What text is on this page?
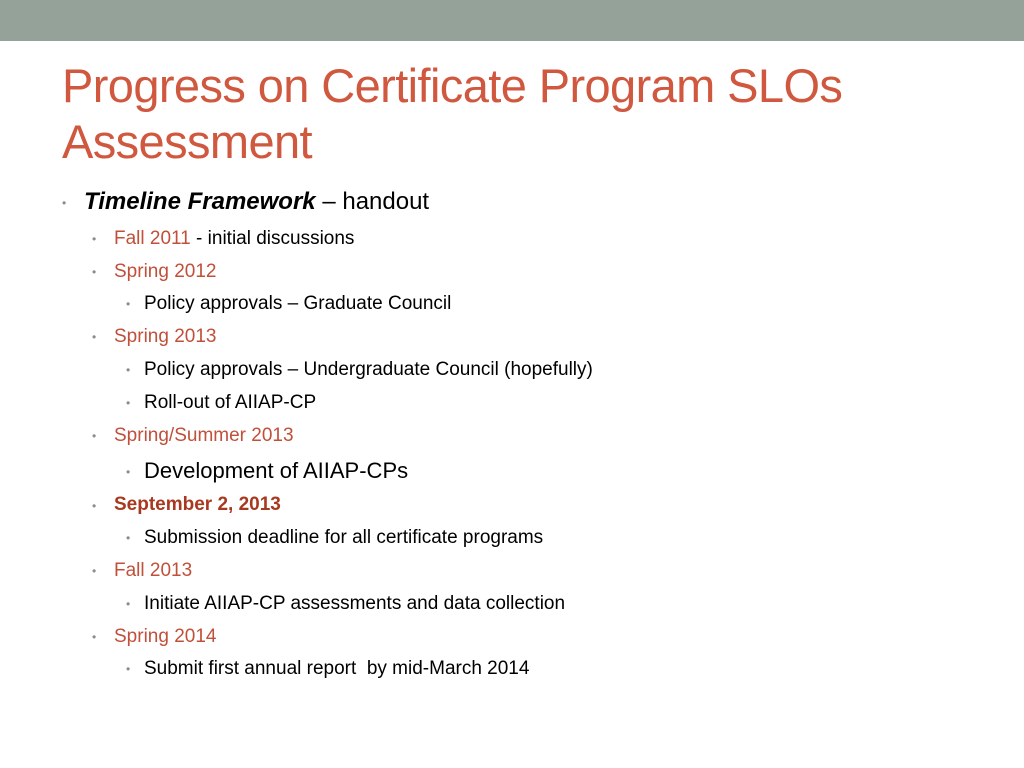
Progress on Certificate Program SLOs
Assessment
• Timeline Framework – handout
• Fall 2011 - initial discussions
• Spring 2012
• Policy approvals – Graduate Council
• Spring 2013
• Policy approvals – Undergraduate Council (hopefully)
• Roll-out of AIIAP-CP
• Spring/Summer 2013
• Development of AIIAP-CPs
• September 2, 2013
• Submission deadline for all certificate programs
• Fall 2013
• Initiate AIIAP-CP assessments and data collection
• Spring 2014
• Submit first annual report  by mid-March 2014
